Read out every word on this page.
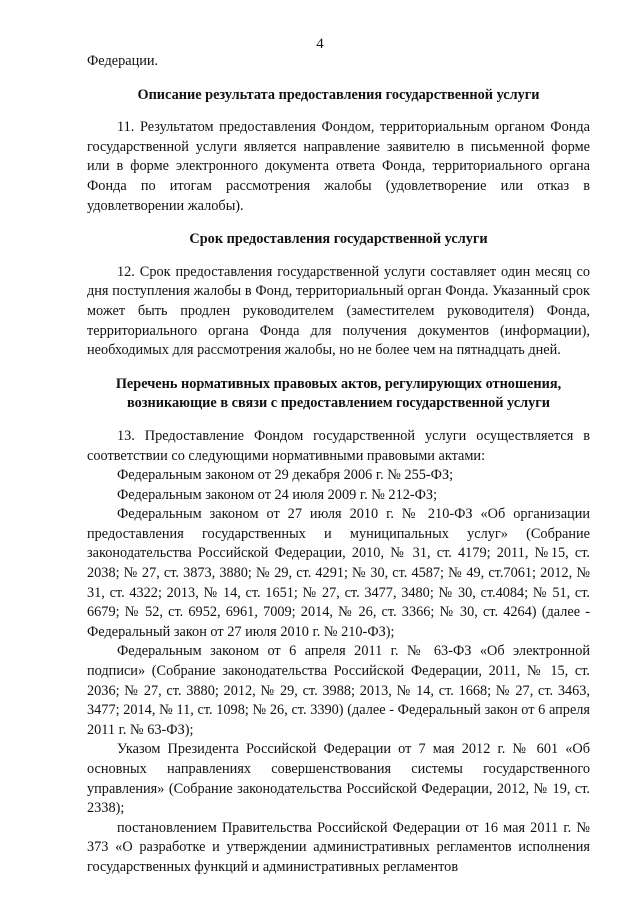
4

Федерации.

Описание результата предоставления государственной услуги

11. Результатом предоставления Фондом, территориальным органом Фонда государственной услуги является направление заявителю в письменной форме или в форме электронного документа ответа Фонда, территориального органа Фонда по итогам рассмотрения жалобы (удовлетворение или отказ в удовлетворении жалобы).

Срок предоставления государственной услуги

12. Срок предоставления государственной услуги составляет один месяц со дня поступления жалобы в Фонд, территориальный орган Фонда. Указанный срок может быть продлен руководителем (заместителем руководителя) Фонда, территориального органа Фонда для получения документов (информации), необходимых для рассмотрения жалобы, но не более чем на пятнадцать дней.

Перечень нормативных правовых актов, регулирующих отношения, возникающие в связи с предоставлением государственной услуги

13. Предоставление Фондом государственной услуги осуществляется в соответствии со следующими нормативными правовыми актами:

Федеральным законом от 29 декабря 2006 г. № 255-ФЗ;

Федеральным законом от 24 июля 2009 г. № 212-ФЗ;

Федеральным законом от 27 июля 2010 г. № 210-ФЗ «Об организации предоставления государственных и муниципальных услуг» (Собрание законодательства Российской Федерации, 2010, № 31, ст. 4179; 2011, №15, ст. 2038; № 27, ст. 3873, 3880; № 29, ст. 4291; № 30, ст. 4587; № 49, ст.7061; 2012, № 31, ст. 4322; 2013, № 14, ст. 1651; № 27, ст. 3477, 3480; № 30, ст.4084; № 51, ст. 6679; № 52, ст. 6952, 6961, 7009; 2014, № 26, ст. 3366; № 30, ст. 4264) (далее - Федеральный закон от 27 июля 2010 г. № 210-ФЗ);

Федеральным законом от 6 апреля 2011 г. № 63-ФЗ «Об электронной подписи» (Собрание законодательства Российской Федерации, 2011, № 15, ст. 2036; № 27, ст. 3880; 2012, № 29, ст. 3988; 2013, № 14, ст. 1668; № 27, ст. 3463, 3477; 2014, № 11, ст. 1098; № 26, ст. 3390) (далее - Федеральный закон от 6 апреля 2011 г. № 63-ФЗ);

Указом Президента Российской Федерации от 7 мая 2012 г. № 601 «Об основных направлениях совершенствования системы государственного управления» (Собрание законодательства Российской Федерации, 2012, № 19, ст. 2338);

постановлением Правительства Российской Федерации от 16 мая 2011 г. № 373 «О разработке и утверждении административных регламентов исполнения государственных функций и административных регламентов
